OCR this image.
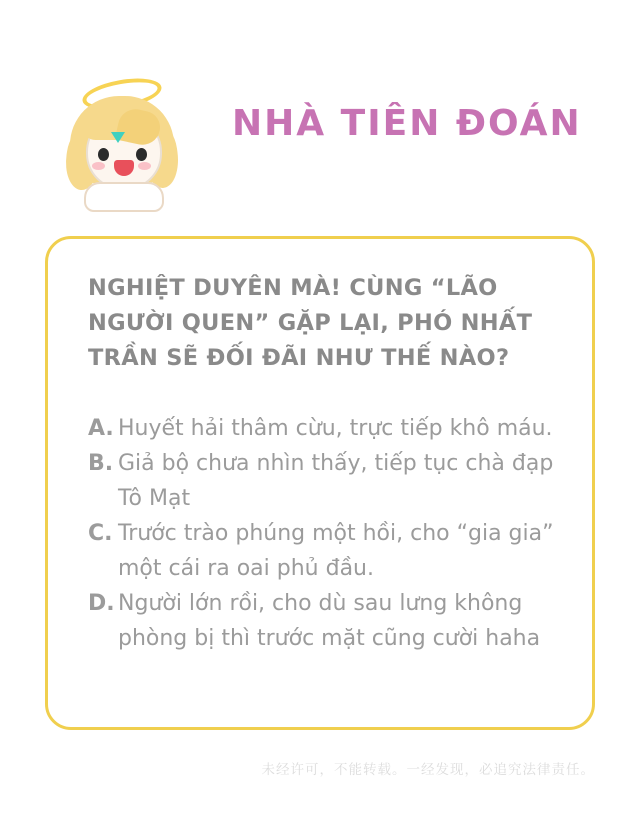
NHÀ TIÊN ĐOÁN
NGHIỆT DUYÊN MÀ! CÙNG “LÃO NGƯỜI QUEN” GẶP LẠI, PHÓ NHẤT TRẦN SẼ ĐỐI ĐÃI NHƯ THẾ NÀO?
A. Huyết hải thâm cừu, trực tiếp khô máu.
B. Giả bộ chưa nhìn thấy, tiếp tục chà đạp Tô Mạt
C. Trước trào phúng một hồi, cho “gia gia” một cái ra oai phủ đầu.
D. Người lớn rồi, cho dù sau lưng không phòng bị thì trước mặt cũng cười haha
未经许可，不能转载。一经发现，必追究法律责任。
